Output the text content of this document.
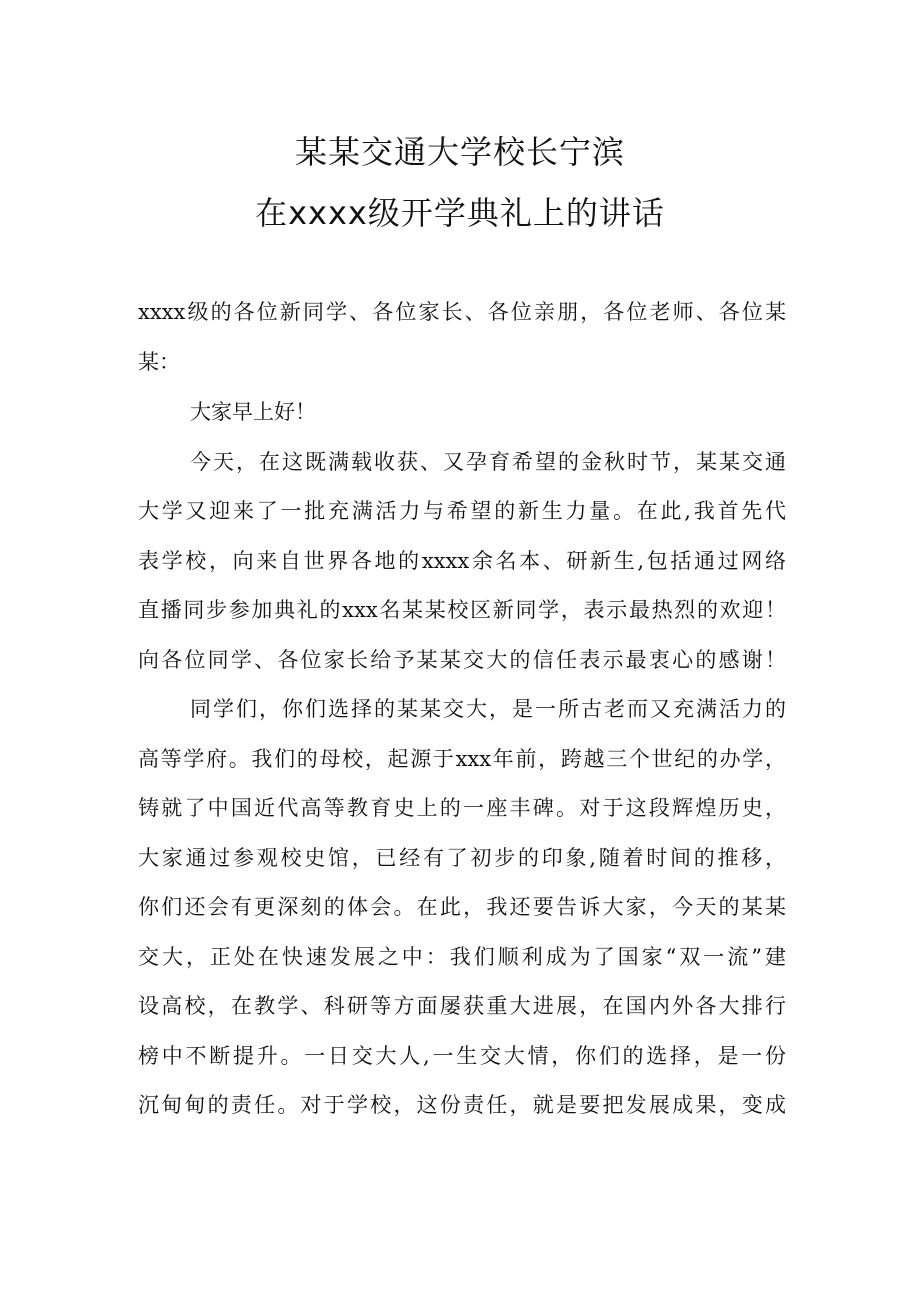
某某交通大学校长宁滨
在xxxx级开学典礼上的讲话
xxxx级的各位新同学、各位家长、各位亲朋，各位老师、各位某
某：
大家早上好！
今天，在这既满载收获、又孕育希望的金秋时节，某某交通
大学又迎来了一批充满活力与希望的新生力量。在此,我首先代
表学校，向来自世界各地的xxxx余名本、研新生,包括通过网络
直播同步参加典礼的xxx名某某校区新同学，表示最热烈的欢迎！
向各位同学、各位家长给予某某交大的信任表示最衷心的感谢！
同学们，你们选择的某某交大，是一所古老而又充满活力的
高等学府。我们的母校，起源于xxx年前，跨越三个世纪的办学，
铸就了中国近代高等教育史上的一座丰碑。对于这段辉煌历史，
大家通过参观校史馆，已经有了初步的印象,随着时间的推移，
你们还会有更深刻的体会。在此，我还要告诉大家，今天的某某
交大，正处在快速发展之中：我们顺利成为了国家“双一流”建
设高校，在教学、科研等方面屡获重大进展，在国内外各大排行
榜中不断提升。一日交大人,一生交大情，你们的选择，是一份
沉甸甸的责任。对于学校，这份责任，就是要把发展成果，变成
